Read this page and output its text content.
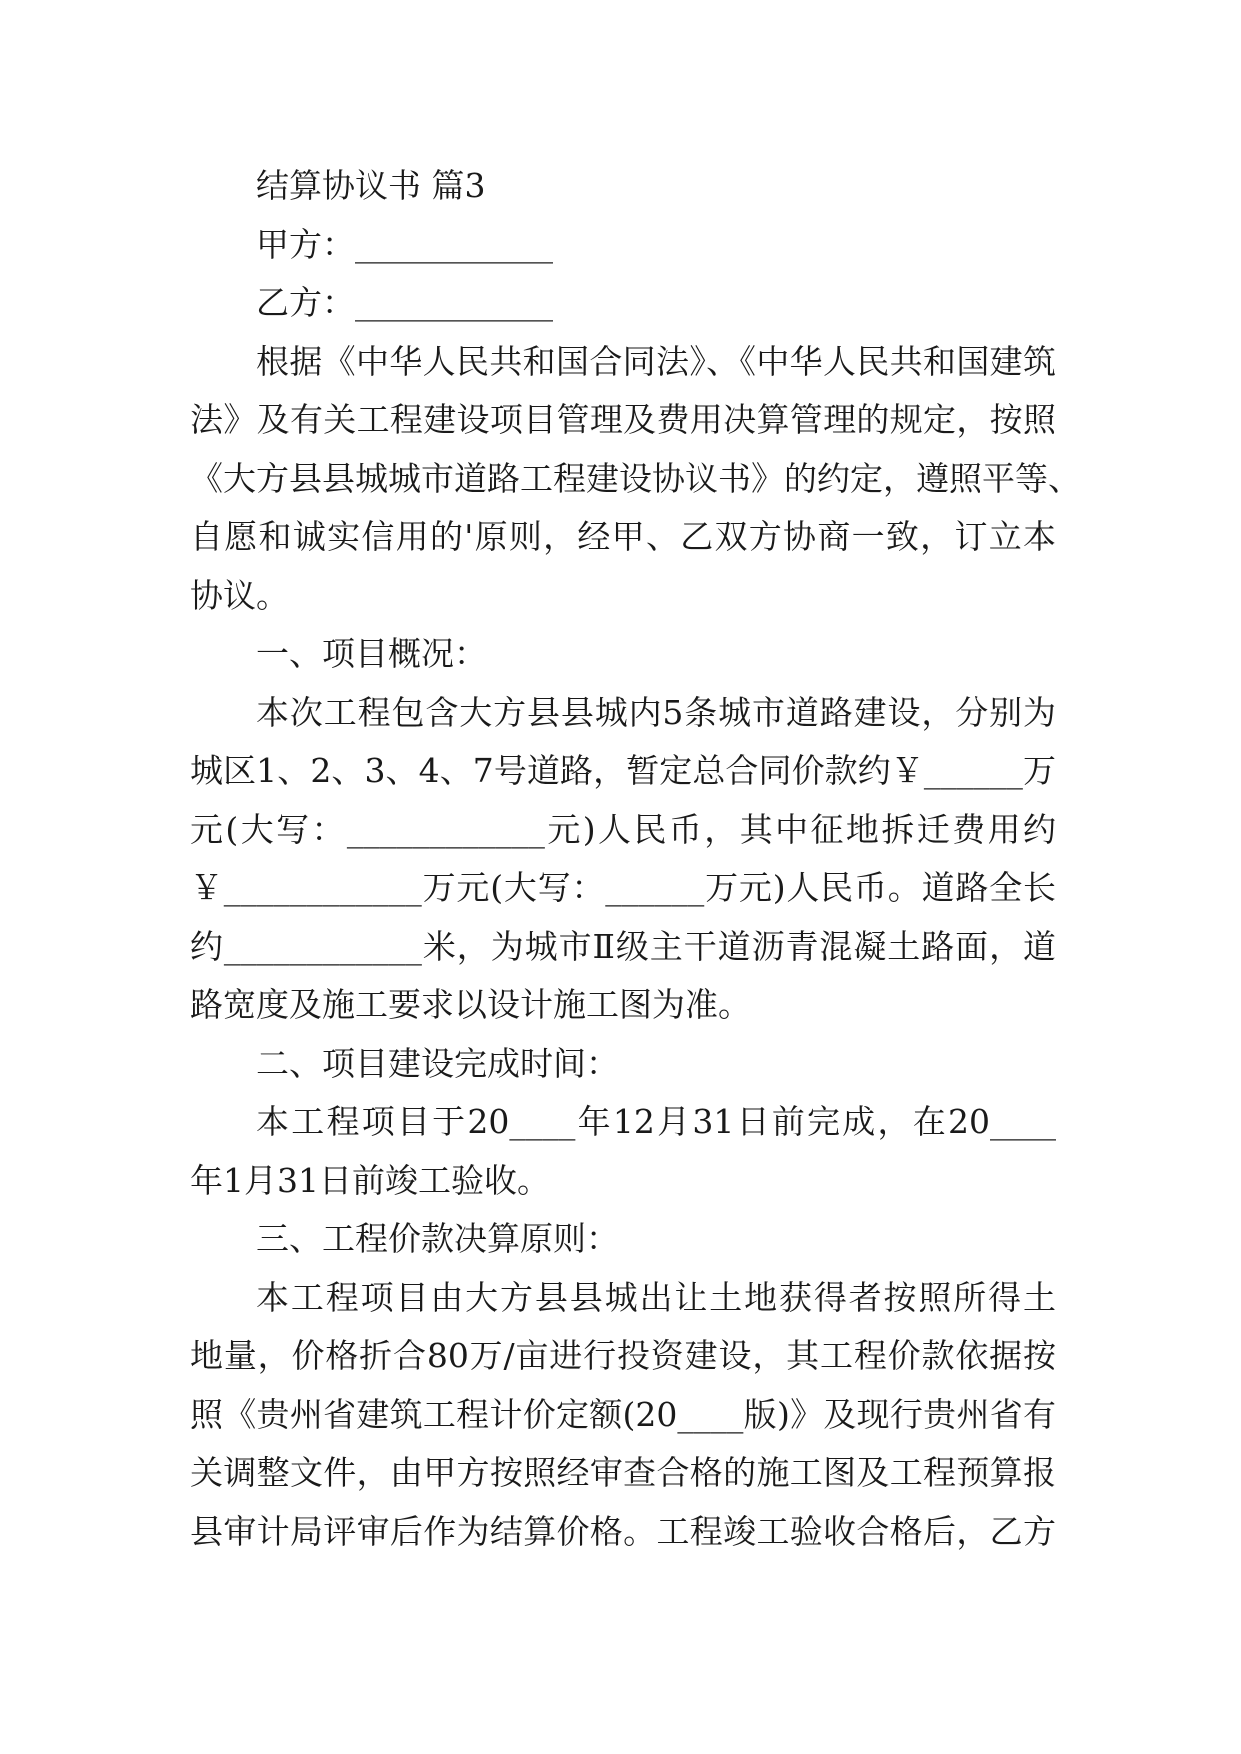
结算协议书 篇3
甲方：____________
乙方：____________
根据《中华人民共和国合同法》、《中华人民共和国建筑
法》及有关工程建设项目管理及费用决算管理的规定，按照
《大方县县城城市道路工程建设协议书》的约定，遵照平等、
自愿和诚实信用的'原则，经甲、乙双方协商一致，订立本
协议。
一、项目概况：
本次工程包含大方县县城内5条城市道路建设，分别为
城区1、2、3、4、7号道路，暂定总合同价款约￥______万
元(大写：____________元)人民币，其中征地拆迁费用约
￥____________万元(大写：______万元)人民币。道路全长
约____________米，为城市Ⅱ级主干道沥青混凝土路面，道
路宽度及施工要求以设计施工图为准。
二、项目建设完成时间：
本工程项目于20____年12月31日前完成，在20____
年1月31日前竣工验收。
三、工程价款决算原则：
本工程项目由大方县县城出让土地获得者按照所得土
地量，价格折合80万/亩进行投资建设，其工程价款依据按
照《贵州省建筑工程计价定额(20____版)》及现行贵州省有
关调整文件，由甲方按照经审查合格的施工图及工程预算报
县审计局评审后作为结算价格。工程竣工验收合格后，乙方
